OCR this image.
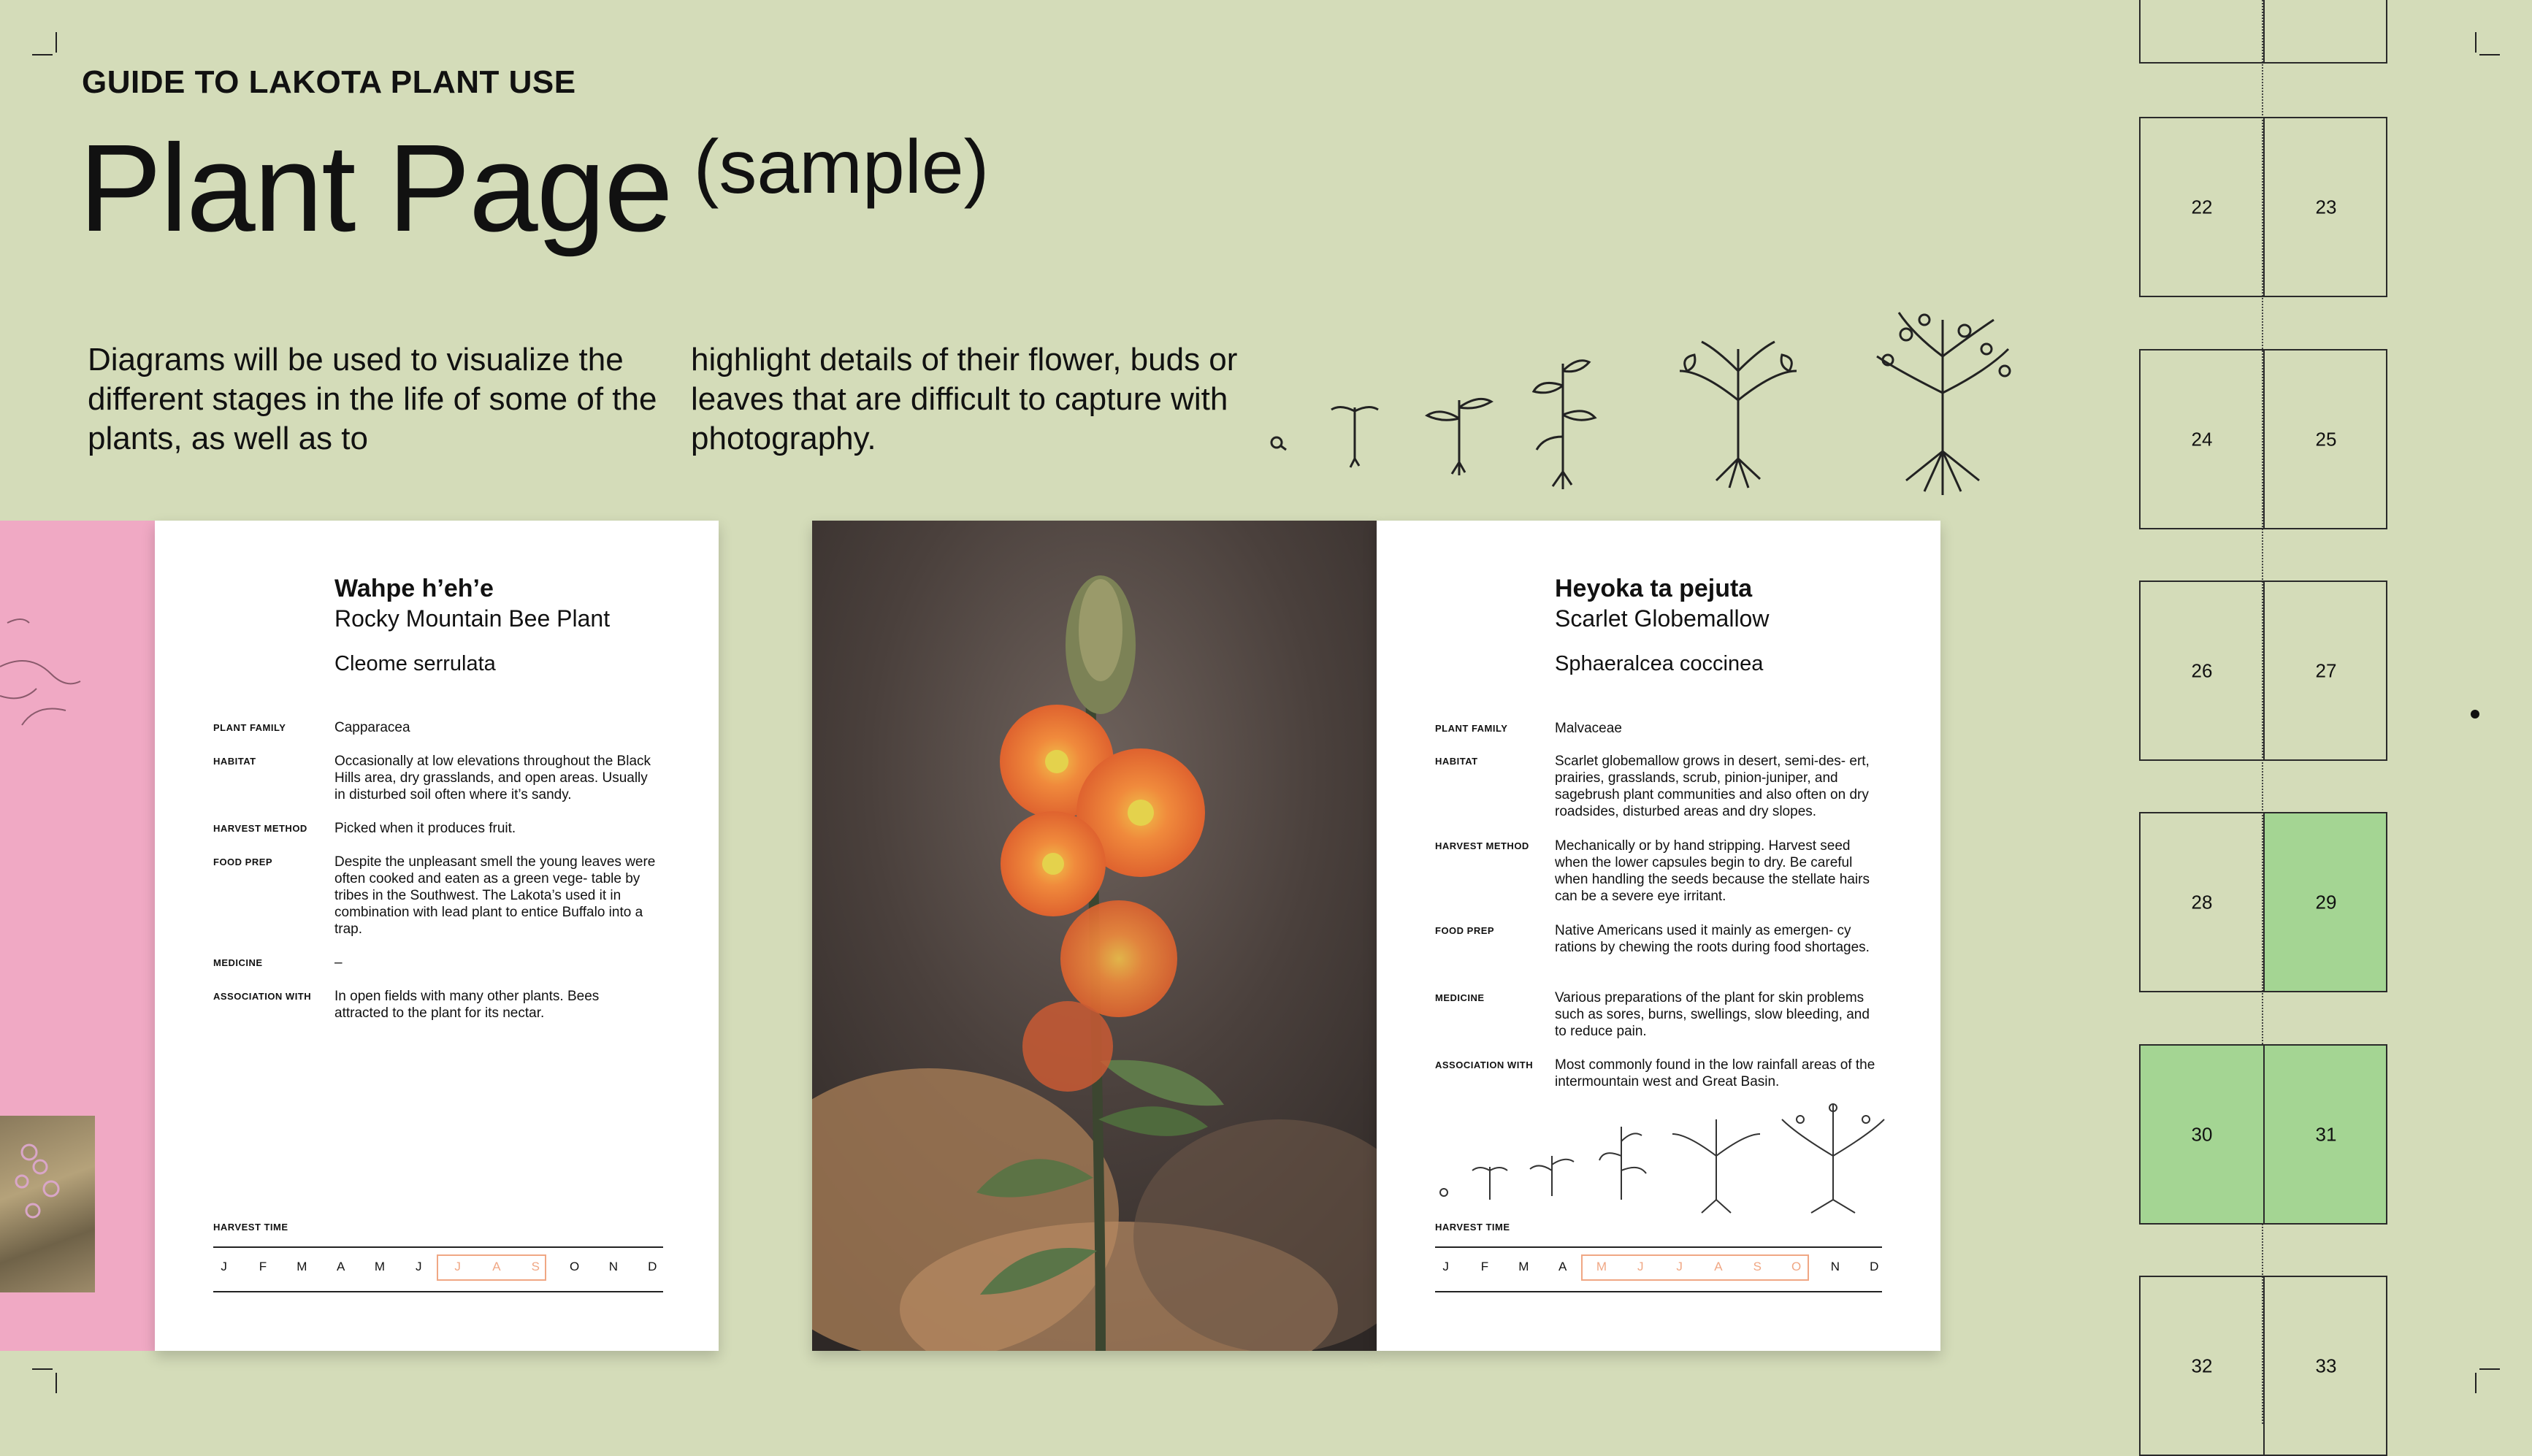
GUIDE TO LAKOTA PLANT USE

Plant Page (sample)

Diagrams will be used to visualize the different stages in the life of some of the plants, as well as to

highlight details of their flower, buds or leaves that are difficult to capture with photography.

Wahpe h’eh’e

Rocky Mountain Bee Plant

Cleome serrulata

PLANT FAMILY	Capparacea

HABITAT	Occasionally at low elevations throughout the Black Hills area, dry grasslands, and open areas. Usually in disturbed soil often where it’s sandy.

HARVEST METHOD Picked when it produces fruit.

FOOD PREP	Despite the unpleasant smell the young leaves were often cooked and eaten as a green vege- table by tribes in the Southwest. The Lakota’s used it in combination with lead plant to entice Buffalo into a trap.

MEDICINE	–

ASSOCIATION WITH In open fields with many other plants. Bees attracted to the plant for its nectar.

HARVEST TIME
J	F	M	A	M	J	J	A	S	O	N	D

Heyoka ta pejuta

Scarlet Globemallow

Sphaeralcea coccinea

PLANT FAMILY	Malvaceae

HABITAT	Scarlet globemallow grows in desert, semi-des- ert, prairies, grasslands, scrub, pinion-juniper, and sagebrush plant communities and also often on dry roadsides, disturbed areas and dry slopes.

HARVEST METHOD Mechanically or by hand stripping. Harvest seed when the lower capsules begin to dry. Be careful when handling the seeds because the stellate hairs can be a severe eye irritant.

FOOD PREP	Native Americans used it mainly as emergen- cy rations by chewing the roots during food shortages.

MEDICINE	Various preparations of the plant for skin problems such as sores, burns, swellings, slow bleeding, and to reduce pain.

ASSOCIATION WITH Most commonly found in the low rainfall areas of the intermountain west and Great Basin.

HARVEST TIME
J	F	M	A	M	J	J	A	S	O	N	D
22	23
24	25
26	27
28	29
30	31
32	33
